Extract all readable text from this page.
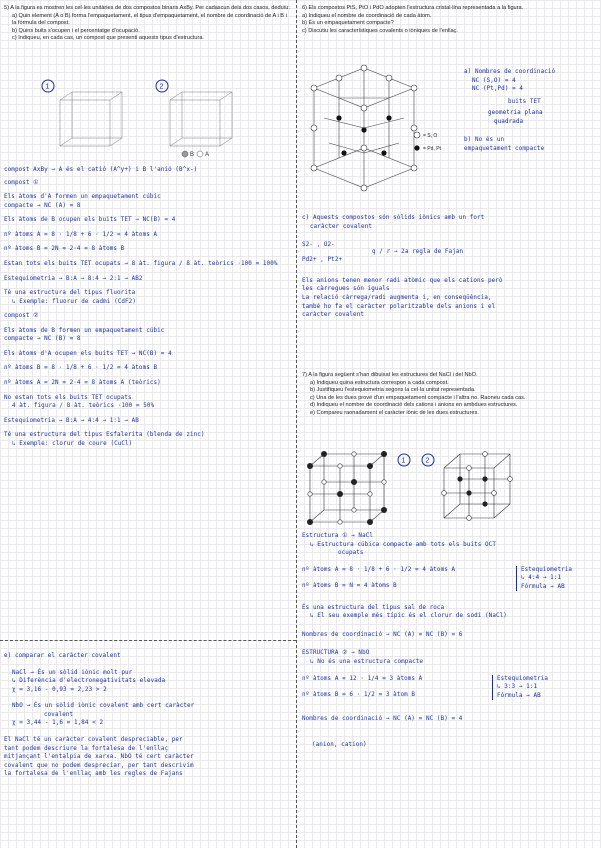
5) A la figura es mostren les cel·les unitàries de dos compostos binaris AxBy. Per cadascun dels dos casos, deduïu:

a) Quin element (A o B) forma l'empaquetament, el tipus d'empaquetament, el nombre de coordinació de A i B i la fórmula del compost.

b) Quins buits s'ocupen i el percentatge d'ocupació.

c) Indiqueu, en cada cas, un compost que presenti aquests tipus d'estructura.

1	2
B A
compost AxBy → A és el catió (A^y+) i B l'anió (B^x-)
compost ①
Els àtoms d'A formen un empaquetament cúbic
compacte → NC (A) = 8
Els àtoms de B ocupen els buits TET → NC(B) = 4
nº àtoms A = 8 · 1/8 + 6 · 1/2 = 4 àtoms A
nº àtoms B = 2N = 2·4 = 8 àtoms B
Estan tots els buits TET ocupats → 8 àt. figura / 8 àt. teòrics ·100 = 100%
Estequiometria → B:A → 8:4 → 2:1 → AB2
Té una estructura del tipus fluorita
↳ Exemple: fluorur de cadmi (CdF2)
compost ②
Els àtoms de B formen un empaquetament cúbic
compacte → NC (B) = 8
Els àtoms d'A ocupen els buits TET → NC(B) = 4
nº àtoms B = 8 · 1/8 + 6 · 1/2 = 4 àtoms B
nº àtoms A = 2N = 2·4 = 8 àtoms A (teòrics)
No estan tots els buits TET ocupats
4 àt. figura / 8 àt. teòrics ·100 = 50%
Estequiometria → B:A → 4:4 → 1:1 → AB
Té una estructura del tipus Esfalerita (blenda de zinc)
↳ Exemple: clorur de coure (CuCl)
e) comparar el caràcter covalent
NaCl → És un sòlid iònic molt pur
↳ Diferència d'electronegativitats elevada
χ = 3,16 - 0,93 = 2,23 > 2
NbO → És un sòlid iònic covalent amb cert caràcter
covalent
χ = 3,44 - 1,6 = 1,84 < 2
El NaCl té un caràcter covalent despreciable, per
tant podem descriure la fortalesa de l'enllaç
mitjançant l'entalpia de xarxa. NbO té cert caràcter
covalent que no podem despreciar, per tant descrivim
la fortalesa de l'enllaç amb les regles de Fajans

6) Els compostos PtS, PtO i PdO adopten l'estructura cristal·lina representada a la figura.

a) Indiqueu el nombre de coordinació de cada àtom.

b) És un empaquetament compacte?

c) Discutiu les característiques covalents o iòniques de l'enllaç.

= S, O
= Pd, Pt
a) Nombres de coordinació
NC (S,O) = 4
NC (Pt,Pd) = 4
buits TET
geometria plana
quadrada
b) No és un
empaquetament compacte
c) Aquests compostos són sòlids iònics amb un fort
caràcter covalent
S2- , O2-
q / r → 2a regla de Fajan
Pd2+ , Pt2+
Els anions tenen menor radi atòmic que els cations però
les càrregues són iguals
La relació càrrega/radi augmenta i, en conseqüència,
també ho fa el caràcter polaritzable dels anions i el
caràcter covalent

7) A la figura següent s'han dibuixat les estructures del NaCl i del NbO.

a) Indiqueu quina estructura correspon a cada compost.

b) Justifiqueu l'estequiometria segons la cel·la unitat representada.

c) Una de les dues prové d'un empaquetament compacte i l'altra no. Raoneu cada cas.

d) Indiqueu el nombre de coordinació dels cations i anions en ambdues estructures.

e) Compareu raonadament el caràcter iònic de les dues estructures.

1	2
Estructura ① → NaCl
↳ Estructura cúbica compacte amb tots els buits OCT
ocupats
nº àtoms A = 8 · 1/8 + 6 · 1/2 = 4 àtoms A
nº àtoms B = N = 4 àtoms B
Estequiometria
↳ 4:4 → 1:1
Fórmula → AB
És una estructura del tipus sal de roca
↳ El seu exemple més típic és el clorur de sodi (NaCl)
Nombres de coordinació → NC (A) = NC (B) = 6
ESTRUCTURA ② → NbO
↳ No és una estructura compacte
nº àtoms A = 12 · 1/4 = 3 àtoms A
nº àtoms B = 6 · 1/2 = 3 àtom B
Estequiometria
↳ 3:3 → 1:1
Fórmula → AB
Nombres de coordinació → NC (A) = NC (B) = 4
(anion, cation)
